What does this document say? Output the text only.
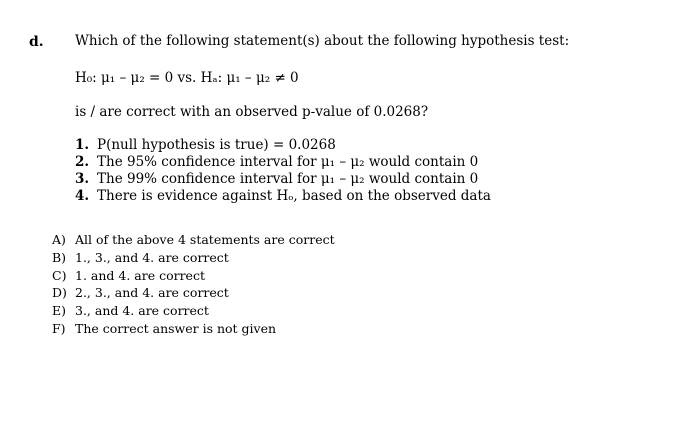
d. Which of the following statement(s) about the following hypothesis test:
H₀: μ₁ – μ₂ = 0 vs. Hₐ: μ₁ – μ₂ ≠ 0
is / are correct with an observed p-value of 0.0268?
1. P(null hypothesis is true) = 0.0268
2. The 95% confidence interval for μ₁ – μ₂ would contain 0
3. The 99% confidence interval for μ₁ – μ₂ would contain 0
4. There is evidence against Hₒ, based on the observed data
A) All of the above 4 statements are correct
B) 1., 3., and 4. are correct
C) 1. and 4. are correct
D) 2., 3., and 4. are correct
E) 3., and 4. are correct
F) The correct answer is not given
